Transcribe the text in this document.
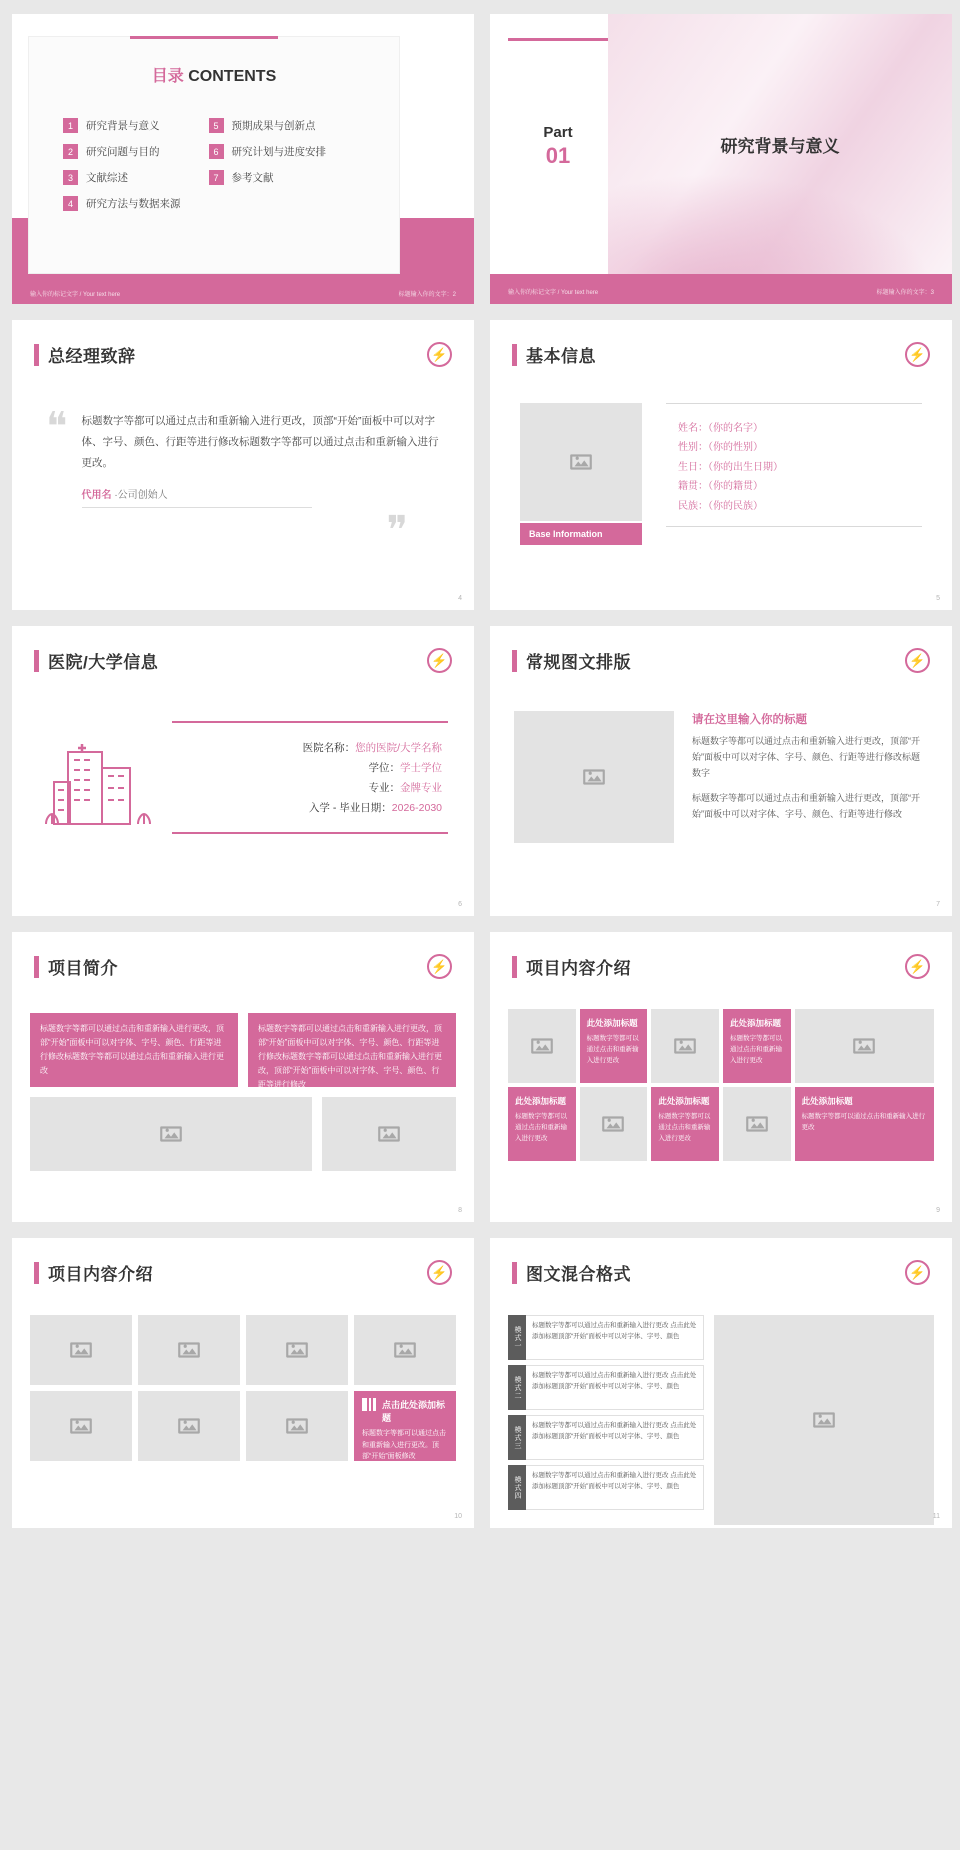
目录 CONTENTS
1	研究背景与意义
2	研究问题与目的
3	文献综述
4	研究方法与数据来源
5	预期成果与创新点
6	研究计划与进度安排
7	参考文献
输入你的标记文字 / Your text here	标题输入你的文字：2
研究背景与意义
Part
01
输入你的标记文字 / Your text here	标题输入你的文字：3
总经理致辞	⚡
❝ 标题数字等都可以通过点击和重新输入进行更改，顶部“开始”面板中可以对字体、字号、颜色、行距等进行修改标题数字等都可以通过点击和重新输入进行更改。
代用名 ·公司创始人
❞
4
基本信息	⚡
Base Information
姓名：（你的名字）
性别：（你的性别）
生日：（你的出生日期）
籍贯：（你的籍贯）
民族：（你的民族）
5
医院/大学信息	⚡
医院名称：您的医院/大学名称
学位：学士学位
专业：金牌专业
入学 - 毕业日期：2026-2030
6
常规图文排版	⚡
请在这里输入你的标题

标题数字等都可以通过点击和重新输入进行更改，顶部“开始”面板中可以对字体、字号、颜色、行距等进行修改标题数字

标题数字等都可以通过点击和重新输入进行更改，顶部“开始”面板中可以对字体、字号、颜色、行距等进行修改

7
项目简介	⚡
标题数字等都可以通过点击和重新输入进行更改，顶部“开始”面板中可以对字体、字号、颜色、行距等进行修改标题数字等都可以通过点击和重新输入进行更改
标题数字等都可以通过点击和重新输入进行更改，顶部“开始”面板中可以对字体、字号、颜色、行距等进行修改标题数字等都可以通过点击和重新输入进行更改，顶部“开始”面板中可以对字体、字号、颜色、行距等进行修改
8
项目内容介绍	⚡
此处添加标题

标题数字等都可以通过点击和重新输入进行更改

此处添加标题

标题数字等都可以通过点击和重新输入进行更改

此处添加标题

标题数字等都可以通过点击和重新输入进行更改

此处添加标题

标题数字等都可以通过点击和重新输入进行更改

此处添加标题

标题数字等都可以通过点击和重新输入进行更改

9
项目内容介绍	⚡
点击此处添加标题

标题数字等都可以通过点击和重新输入进行更改。顶部“开始”面板修改

10
图文混合格式	⚡
模式一	标题数字等都可以通过点击和重新输入进行更改 点击此处添加标题顶部“开始”面板中可以对字体、字号、颜色
模式二	标题数字等都可以通过点击和重新输入进行更改 点击此处添加标题顶部“开始”面板中可以对字体、字号、颜色
模式三	标题数字等都可以通过点击和重新输入进行更改 点击此处添加标题顶部“开始”面板中可以对字体、字号、颜色
模式四	标题数字等都可以通过点击和重新输入进行更改 点击此处添加标题顶部“开始”面板中可以对字体、字号、颜色
11
